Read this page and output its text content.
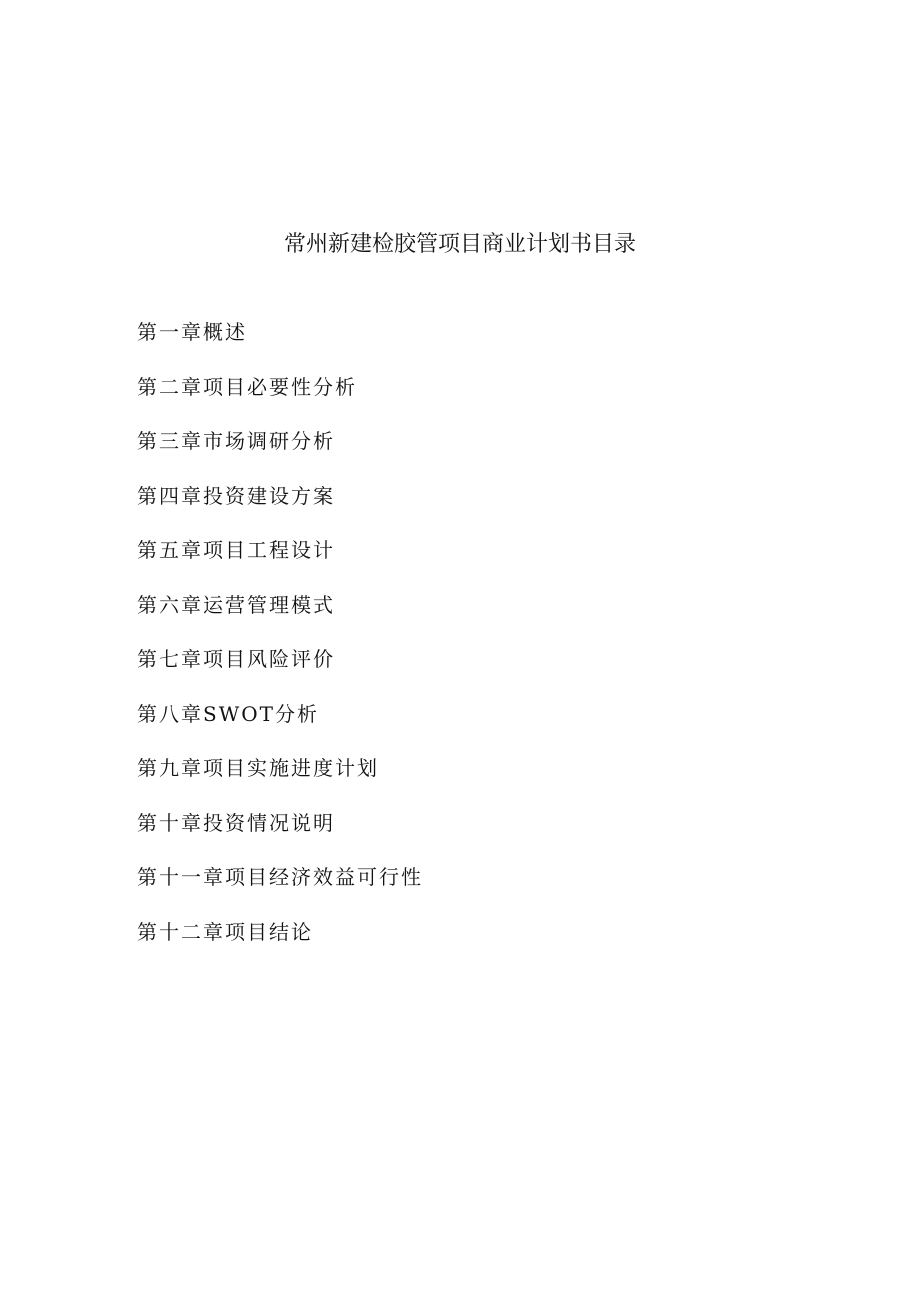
常州新建检胶管项目商业计划书目录
第一章概述
第二章项目必要性分析
第三章市场调研分析
第四章投资建设方案
第五章项目工程设计
第六章运营管理模式
第七章项目风险评价
第八章SWOT分析
第九章项目实施进度计划
第十章投资情况说明
第十一章项目经济效益可行性
第十二章项目结论
